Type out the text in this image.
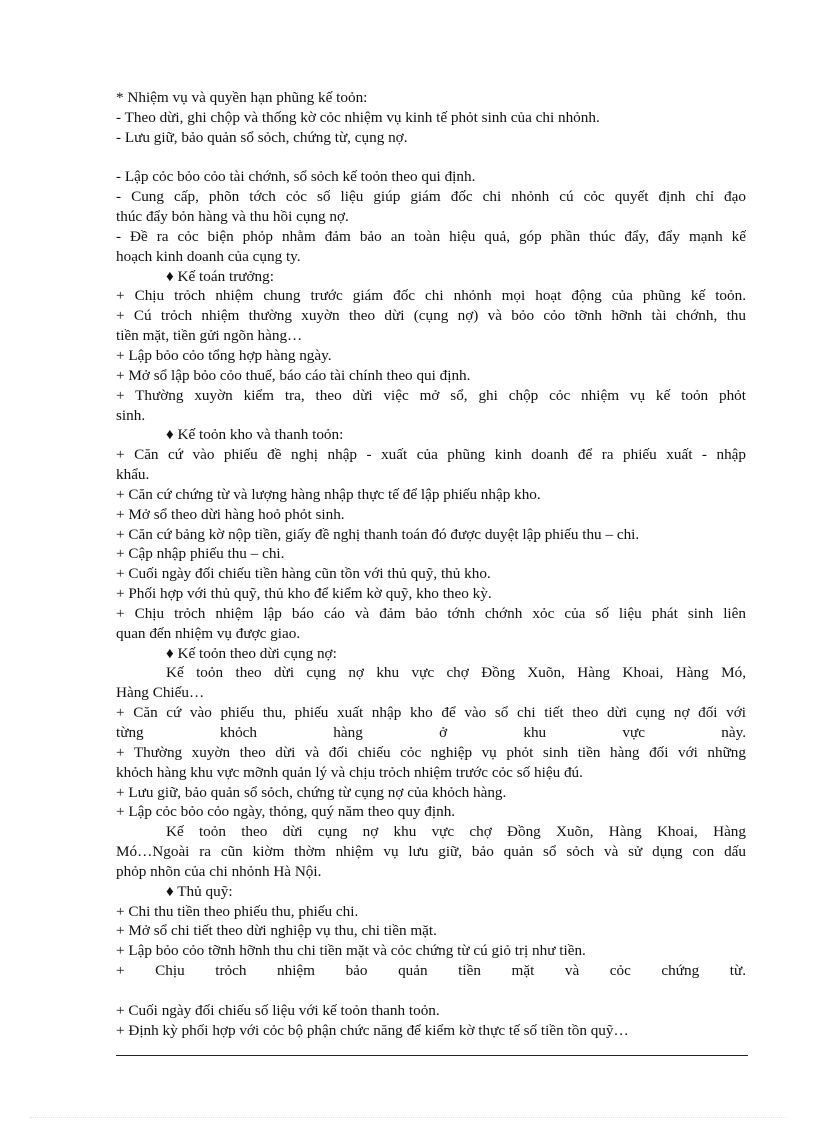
* Nhiệm vụ và quyền hạn phũng kế toỏn:
- Theo dừi, ghi chộp và thống kờ cỏc nhiệm vụ kinh tế phỏt sinh của chi nhỏnh.
- Lưu giữ, bảo quản sổ sỏch, chứng từ, cụng nợ.
- Lập cỏc bỏo cỏo tài chớnh, sổ sỏch kế toỏn theo qui định.
- Cung cấp, phõn tớch cỏc số liệu giúp giám đốc chi nhỏnh cú cỏc quyết định chỉ đạo
thúc đẩy bỏn hàng và thu hồi cụng nợ.
- Đề ra cỏc biện phỏp nhằm đảm bảo an toàn hiệu quả, góp phần thúc đẩy, đẩy mạnh kế
hoạch kinh doanh của cụng ty.
♦ Kế toán trưởng:
+ Chịu trỏch nhiệm chung trước giám đốc chi nhỏnh mọi hoạt động của phũng kế toỏn.
+ Cú trỏch nhiệm thường xuyờn theo dừi (cụng nợ) và bỏo cỏo tỡnh hỡnh tài chớnh, thu
tiền mặt, tiền gửi ngõn hàng…
+ Lập bỏo cỏo tổng hợp hàng ngày.
+ Mở sổ lập bỏo cỏo thuế, báo cáo tài chính theo qui định.
+ Thường xuyờn kiểm tra, theo dừi việc mở sổ, ghi chộp cỏc nhiệm vụ kế toỏn phỏt
sinh.
♦ Kế toỏn kho và thanh toỏn:
+ Căn cứ vào phiếu đề nghị nhập - xuất của phũng kinh doanh để ra phiếu xuất - nhập
khẩu.
+ Căn cứ chứng từ và lượng hàng nhập thực tế để lập phiếu nhập kho.
+ Mở sổ theo dừi hàng hoỏ phỏt sinh.
+ Căn cứ bảng kờ nộp tiền, giấy đề nghị thanh toán đó được duyệt lập phiếu thu – chi.
+ Cập nhập phiếu thu – chi.
+ Cuối ngày đối chiếu tiền hàng cũn tồn với thủ quỹ, thủ kho.
+ Phối hợp với thủ quỹ, thủ kho để kiểm kờ quỹ, kho theo kỳ.
+ Chịu trỏch nhiệm lập báo cáo và đảm bảo tớnh chớnh xỏc của số liệu phát sinh liên
quan đến nhiệm vụ được giao.
♦ Kế toỏn theo dừi cụng nợ:
Kế toỏn theo dừi cụng nợ khu vực chợ Đồng Xuõn, Hàng Khoai, Hàng Mó,
Hàng Chiếu…
+ Căn cứ vào phiếu thu, phiếu xuất nhập kho để vào sổ chi tiết theo dừi cụng nợ đối với
từng khỏch hàng ở khu vực này.
+ Thường xuyờn theo dừi và đối chiếu cỏc nghiệp vụ phỏt sinh tiền hàng đối với những
khỏch hàng khu vực mỡnh quản lý và chịu trỏch nhiệm trước cỏc số hiệu đú.
+ Lưu giữ, bảo quản sổ sỏch, chứng từ cụng nợ của khỏch hàng.
+ Lập cỏc bỏo cỏo ngày, thỏng, quý năm theo quy định.
Kế toỏn theo dừi cụng nợ khu vực chợ Đồng Xuõn, Hàng Khoai, Hàng
Mó…Ngoài ra cũn kiờm thờm nhiệm vụ lưu giữ, bảo quản sổ sỏch và sử dụng con dấu
phỏp nhõn của chi nhỏnh Hà Nội.
♦ Thủ quỹ:
+ Chi thu tiền theo phiếu thu, phiếu chi.
+ Mở sổ chi tiết theo dừi nghiệp vụ thu, chi tiền mặt.
+ Lập bỏo cỏo tỡnh hỡnh thu chi tiền mặt và cỏc chứng từ cú giỏ trị như tiền.
+ Chịu trỏch nhiệm bảo quản tiền mặt và cỏc chứng từ.
+ Cuối ngày đối chiếu số liệu với kế toỏn thanh toỏn.
+ Định kỳ phối hợp với cỏc bộ phận chức năng để kiểm kờ thực tế số tiền tồn quỹ…
